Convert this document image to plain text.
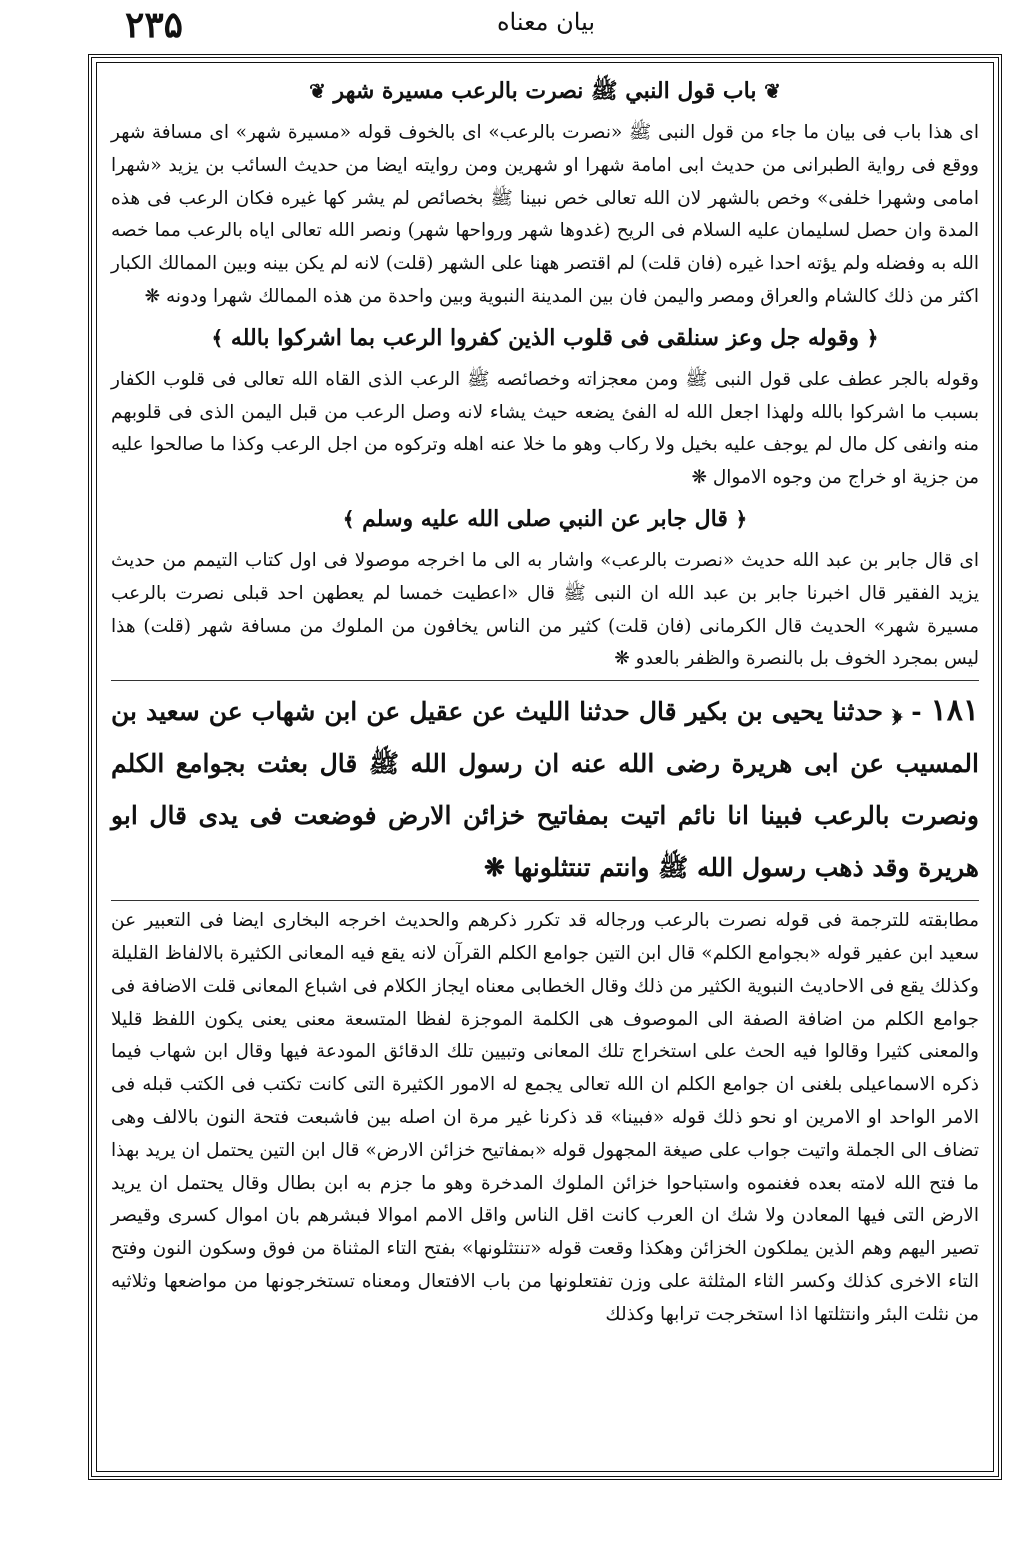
۲۳۵	بیان معناه
❦ باب قول النبي ﷺ نصرت بالرعب مسيرة شهر ❦

اى هذا باب فى بيان ما جاء من قول النبى ﷺ «نصرت بالرعب» اى بالخوف قوله «مسيرة شهر» اى مسافة شهر ووقع فى رواية الطبرانى من حديث ابى امامة شهرا او شهرين ومن روايته ايضا من حديث السائب بن يزيد «شهرا امامى وشهرا خلفى» وخص بالشهر لان الله تعالى خص نبينا ﷺ بخصائص لم يشر كها غيره فكان الرعب فى هذه المدة وان حصل لسليمان عليه السلام فى الريح (غدوها شهر ورواحها شهر) ونصر الله تعالى اياه بالرعب مما خصه الله به وفضله ولم يؤته احدا غيره (فان قلت) لم اقتصر ههنا على الشهر (قلت) لانه لم يكن بينه وبين الممالك الكبار اكثر من ذلك كالشام والعراق ومصر واليمن فان بين المدينة النبوية وبين واحدة من هذه الممالك شهرا ودونه ❋

﴿ وقوله جل وعز سنلقى فى قلوب الذين كفروا الرعب بما اشركوا بالله ﴾

وقوله بالجر عطف على قول النبى ﷺ ومن معجزاته وخصائصه ﷺ الرعب الذى القاه الله تعالى فى قلوب الكفار بسبب ما اشركوا بالله ولهذا اجعل الله له الفئ يضعه حيث يشاء لانه وصل الرعب من قبل اليمن الذى فى قلوبهم منه وانفى كل مال لم يوجف عليه بخيل ولا ركاب وهو ما خلا عنه اهله وتركوه من اجل الرعب وكذا ما صالحوا عليه من جزية او خراج من وجوه الاموال ❋

﴿ قال جابر عن النبي صلى الله عليه وسلم ﴾

اى قال جابر بن عبد الله حديث «نصرت بالرعب» واشار به الى ما اخرجه موصولا فى اول كتاب التيمم من حديث يزيد الفقير قال اخبرنا جابر بن عبد الله ان النبى ﷺ قال «اعطيت خمسا لم يعطهن احد قبلى نصرت بالرعب مسيرة شهر» الحديث قال الكرمانى (فان قلت) كثير من الناس يخافون من الملوك من مسافة شهر (قلت) هذا ليس بمجرد الخوف بل بالنصرة والظفر بالعدو ❋

۱۸۱ - ﴿ حدثنا يحيى بن بكير قال حدثنا الليث عن عقيل عن ابن شهاب عن سعيد بن المسيب عن ابى هريرة رضى الله عنه ان رسول الله ﷺ قال بعثت بجوامع الكلم ونصرت بالرعب فبينا انا نائم اتيت بمفاتيح خزائن الارض فوضعت فى يدى قال ابو هريرة وقد ذهب رسول الله ﷺ وانتم تنتثلونها ❋

مطابقته للترجمة فى قوله نصرت بالرعب ورجاله قد تكرر ذكرهم والحديث اخرجه البخارى ايضا فى التعبير عن سعيد ابن عفير قوله «بجوامع الكلم» قال ابن التين جوامع الكلم القرآن لانه يقع فيه المعانى الكثيرة بالالفاظ القليلة وكذلك يقع فى الاحاديث النبوية الكثير من ذلك وقال الخطابى معناه ايجاز الكلام فى اشباع المعانى قلت الاضافة فى جوامع الكلم من اضافة الصفة الى الموصوف هى الكلمة الموجزة لفظا المتسعة معنى يعنى يكون اللفظ قليلا والمعنى كثيرا وقالوا فيه الحث على استخراج تلك المعانى وتبيين تلك الدقائق المودعة فيها وقال ابن شهاب فيما ذكره الاسماعيلى بلغنى ان جوامع الكلم ان الله تعالى يجمع له الامور الكثيرة التى كانت تكتب فى الكتب قبله فى الامر الواحد او الامرين او نحو ذلك قوله «فبينا» قد ذكرنا غير مرة ان اصله بين فاشبعت فتحة النون بالالف وهى تضاف الى الجملة واتيت جواب على صيغة المجهول قوله «بمفاتيح خزائن الارض» قال ابن التين يحتمل ان يريد بهذا ما فتح الله لامته بعده فغنموه واستباحوا خزائن الملوك المدخرة وهو ما جزم به ابن بطال وقال يحتمل ان يريد الارض التى فيها المعادن ولا شك ان العرب كانت اقل الناس واقل الامم اموالا فبشرهم بان اموال كسرى وقيصر تصير اليهم وهم الذين يملكون الخزائن وهكذا وقعت قوله «تنتثلونها» بفتح التاء المثناة من فوق وسكون النون وفتح التاء الاخرى كذلك وكسر الثاء المثلثة على وزن تفتعلونها من باب الافتعال ومعناه تستخرجونها من مواضعها وثلاثيه من نثلت البئر وانتثلتها اذا استخرجت ترابها وكذلك
